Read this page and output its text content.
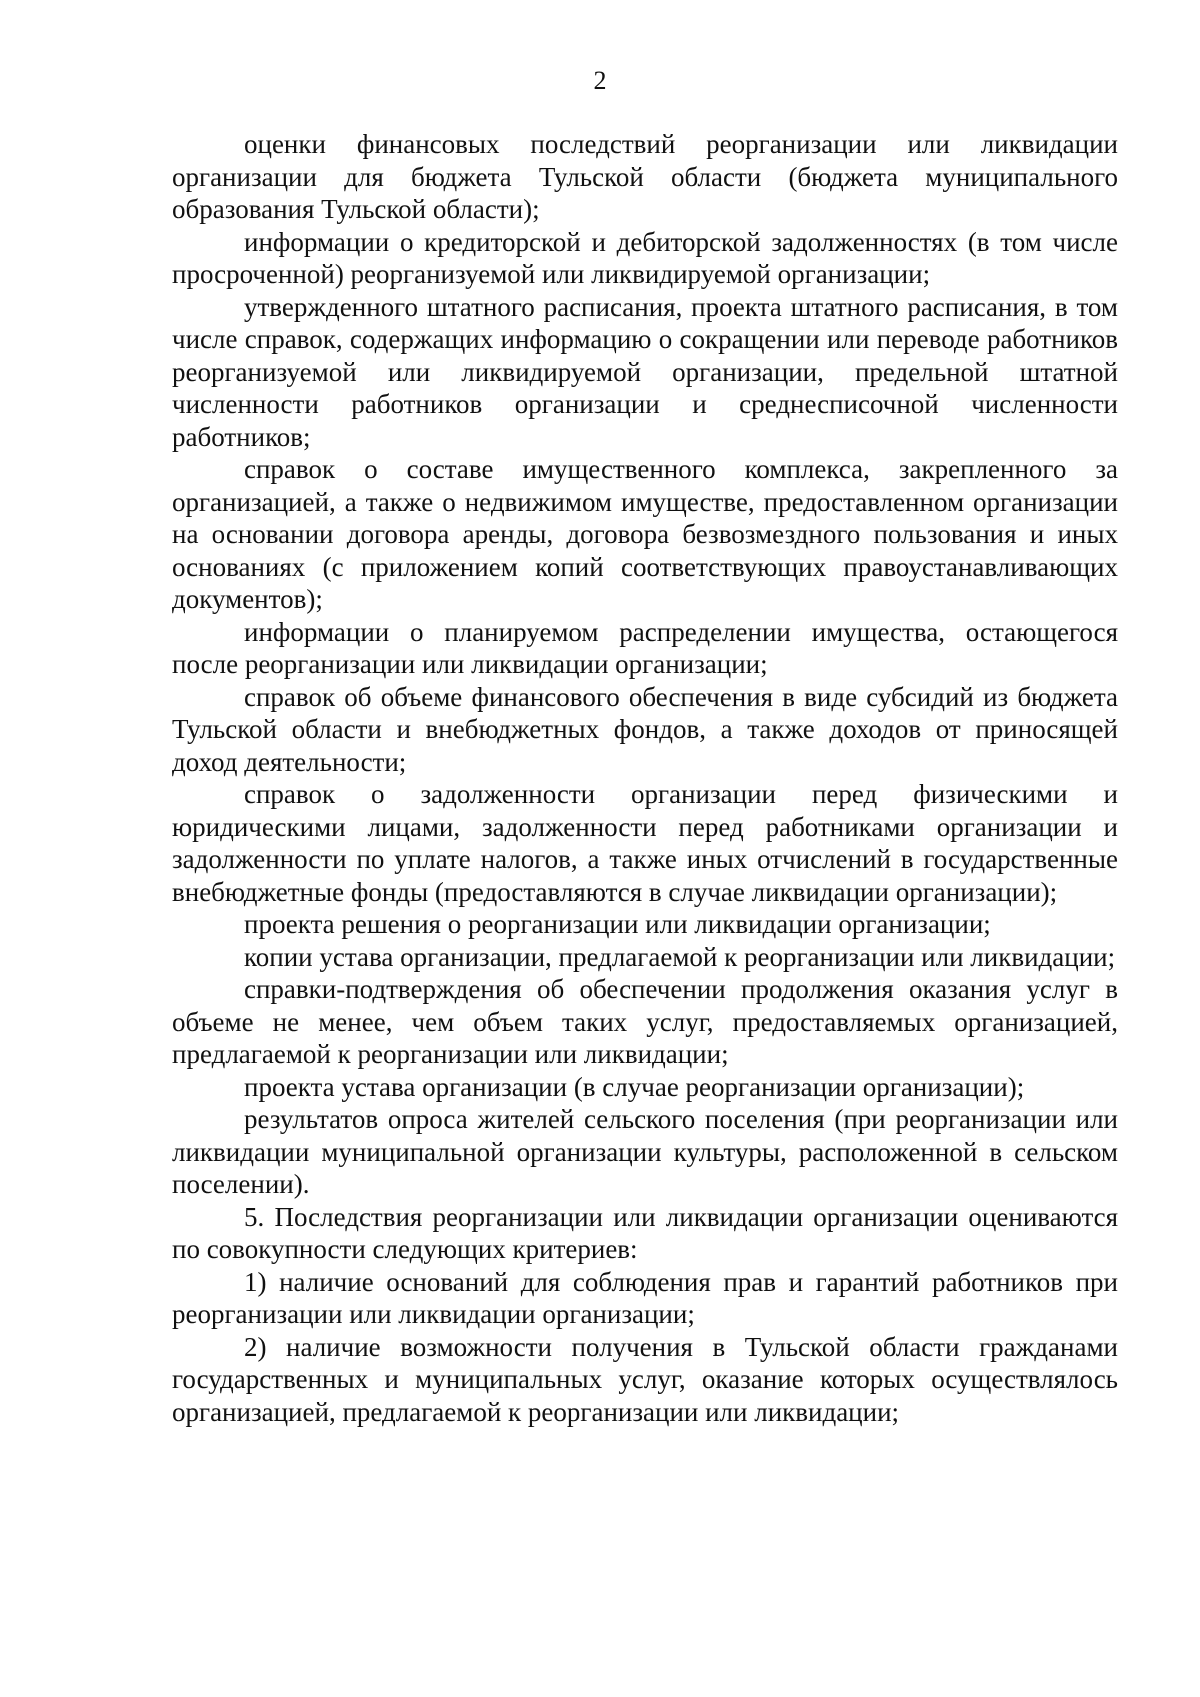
2

оценки финансовых последствий реорганизации или ликвидации организации для бюджета Тульской области (бюджета муниципального образования Тульской области);

информации о кредиторской и дебиторской задолженностях (в том числе просроченной) реорганизуемой или ликвидируемой организации;

утвержденного штатного расписания, проекта штатного расписания, в том числе справок, содержащих информацию о сокращении или переводе работников реорганизуемой или ликвидируемой организации, предельной штатной численности работников организации и среднесписочной численности работников;

справок о составе имущественного комплекса, закрепленного за организацией, а также о недвижимом имуществе, предоставленном организации на основании договора аренды, договора безвозмездного пользования и иных основаниях (с приложением копий соответствующих правоустанавливающих документов);

информации о планируемом распределении имущества, остающегося после реорганизации или ликвидации организации;

справок об объеме финансового обеспечения в виде субсидий из бюджета Тульской области и внебюджетных фондов, а также доходов от приносящей доход деятельности;

справок о задолженности организации перед физическими и юридическими лицами, задолженности перед работниками организации и задолженности по уплате налогов, а также иных отчислений в государственные внебюджетные фонды (предоставляются в случае ликвидации организации);

проекта решения о реорганизации или ликвидации организации;

копии устава организации, предлагаемой к реорганизации или ликвидации;

справки-подтверждения об обеспечении продолжения оказания услуг в объеме не менее, чем объем таких услуг, предоставляемых организацией, предлагаемой к реорганизации или ликвидации;

проекта устава организации (в случае реорганизации организации);

результатов опроса жителей сельского поселения (при реорганизации или ликвидации муниципальной организации культуры, расположенной в сельском поселении).

5. Последствия реорганизации или ликвидации организации оцениваются по совокупности следующих критериев:

1) наличие оснований для соблюдения прав и гарантий работников при реорганизации или ликвидации организации;

2) наличие возможности получения в Тульской области гражданами государственных и муниципальных услуг, оказание которых осуществлялось организацией, предлагаемой к реорганизации или ликвидации;
